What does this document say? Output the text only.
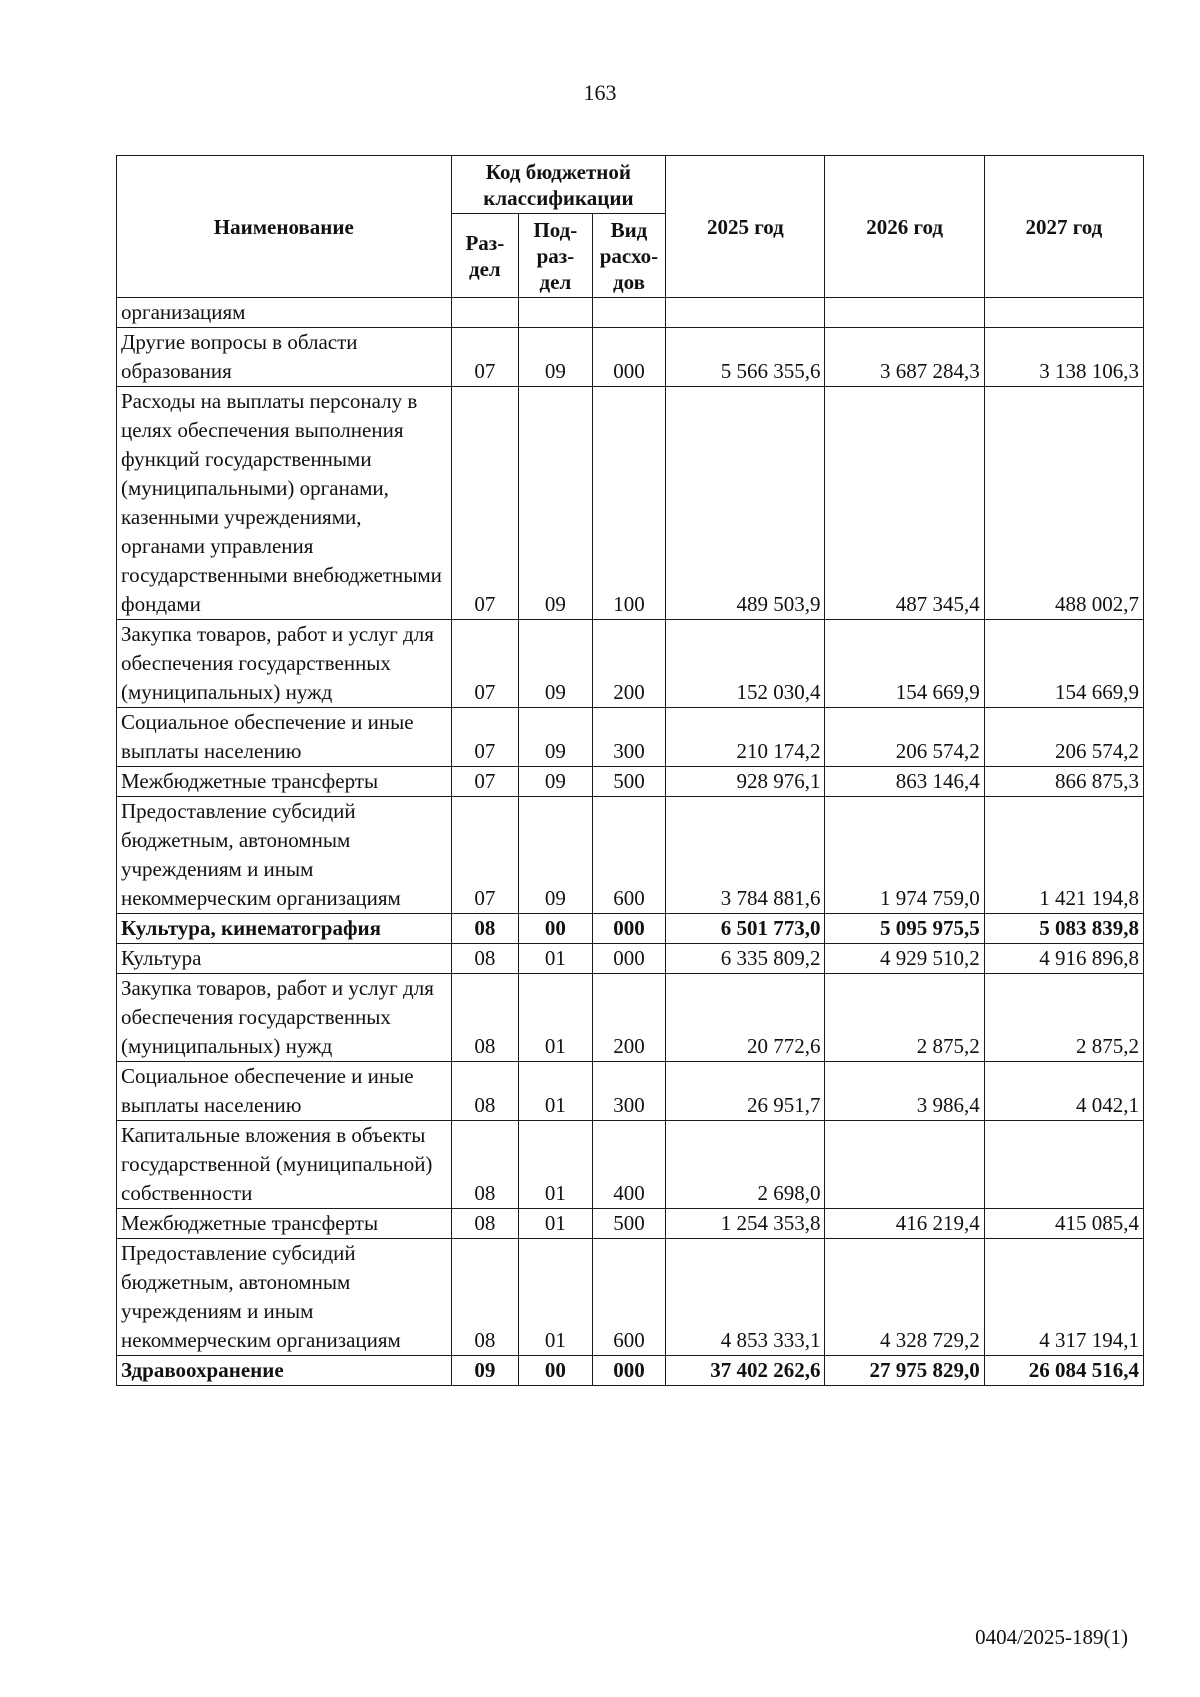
163
Наименование	Код бюджетной классификации			2025 год	2026 год	2027 год
	Раз-дел	Под-раз-дел	Вид расхо-дов			
организациям						
Другие вопросы в области образования	07	09	000	5 566 355,6	3 687 284,3	3 138 106,3
Расходы на выплаты персоналу в целях обеспечения выполнения функций государственными (муниципальными) органами, казенными учреждениями, органами управления государственными внебюджетными фондами	07	09	100	489 503,9	487 345,4	488 002,7
Закупка товаров, работ и услуг для обеспечения государственных (муниципальных) нужд	07	09	200	152 030,4	154 669,9	154 669,9
Социальное обеспечение и иные выплаты населению	07	09	300	210 174,2	206 574,2	206 574,2
Межбюджетные трансферты	07	09	500	928 976,1	863 146,4	866 875,3
Предоставление субсидий бюджетным, автономным учреждениям и иным некоммерческим организациям	07	09	600	3 784 881,6	1 974 759,0	1 421 194,8
Культура, кинематография	08	00	000	6 501 773,0	5 095 975,5	5 083 839,8
Культура	08	01	000	6 335 809,2	4 929 510,2	4 916 896,8
Закупка товаров, работ и услуг для обеспечения государственных (муниципальных) нужд	08	01	200	20 772,6	2 875,2	2 875,2
Социальное обеспечение и иные выплаты населению	08	01	300	26 951,7	3 986,4	4 042,1
Капитальные вложения в объекты государственной (муниципальной) собственности	08	01	400	2 698,0		
Межбюджетные трансферты	08	01	500	1 254 353,8	416 219,4	415 085,4
Предоставление субсидий бюджетным, автономным учреждениям и иным некоммерческим организациям	08	01	600	4 853 333,1	4 328 729,2	4 317 194,1
Здравоохранение	09	00	000	37 402 262,6	27 975 829,0	26 084 516,4
0404/2025-189(1)
